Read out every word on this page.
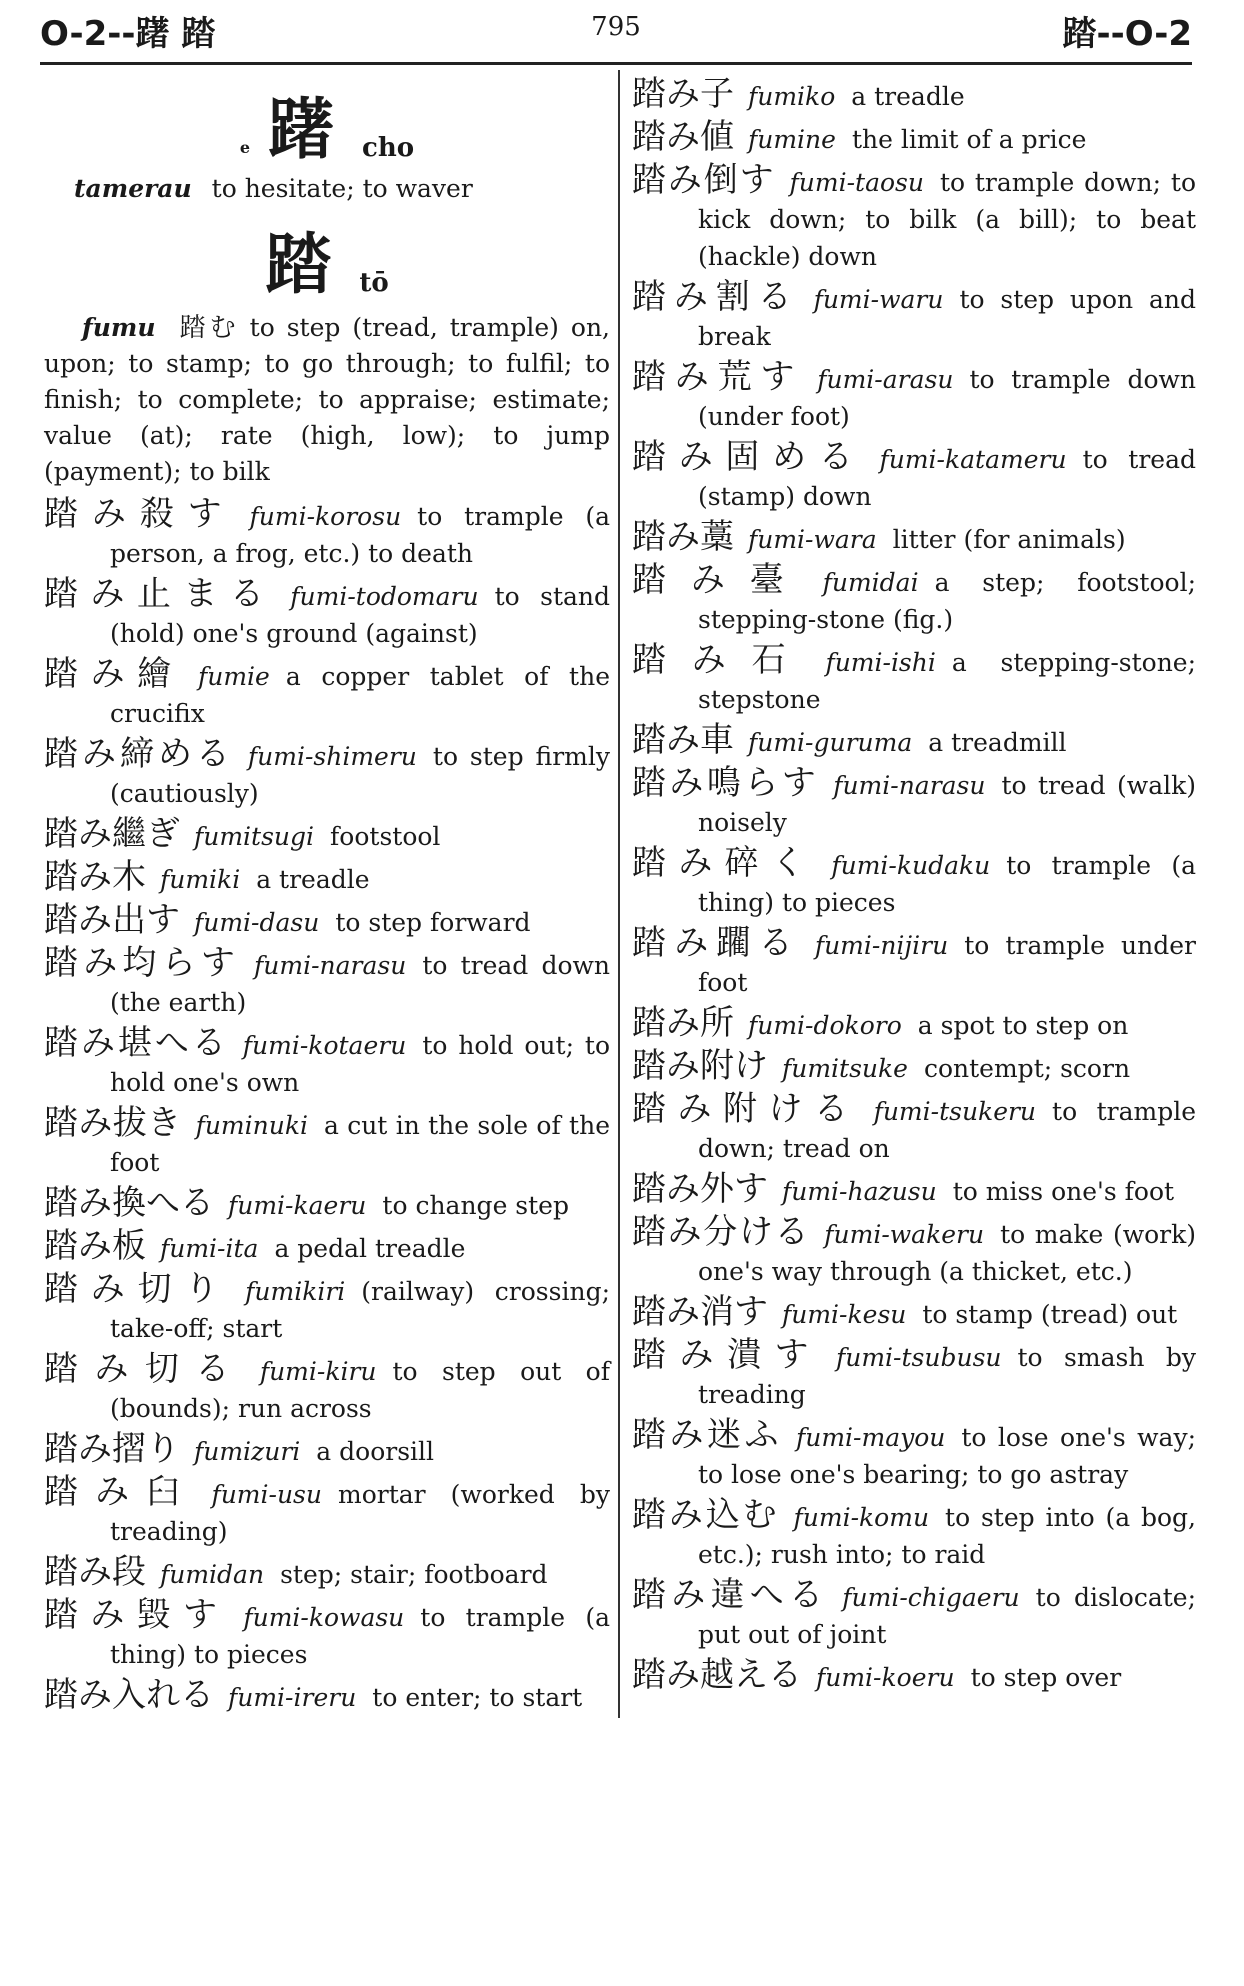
O-2--躇 踏	795	踏--O-2
e 躇 cho
tamerau to hesitate; to waver
踏 tō
fumu 踏む to step (tread, trample) on, upon; to stamp; to go through; to fulfil; to finish; to complete; to appraise; estimate; value (at); rate (high, low); to jump (payment); to bilk
踏み殺す fumi-korosu to trample (a person, a frog, etc.) to death
踏み止まる fumi-todomaru to stand (hold) one's ground (against)
踏み繪 fumie a copper tablet of the crucifix
踏み締める fumi-shimeru to step firmly (cautiously)
踏み繼ぎ fumitsugi footstool
踏み木 fumiki a treadle
踏み出す fumi-dasu to step forward
踏み均らす fumi-narasu to tread down (the earth)
踏み堪へる fumi-kotaeru to hold out; to hold one's own
踏み拔き fuminuki a cut in the sole of the foot
踏み換へる fumi-kaeru to change step
踏み板 fumi-ita a pedal treadle
踏み切り fumikiri (railway) crossing; take-off; start
踏み切る fumi-kiru to step out of (bounds); run across
踏み摺り fumizuri a doorsill
踏み臼 fumi-usu mortar (worked by treading)
踏み段 fumidan step; stair; footboard
踏み毀す fumi-kowasu to trample (a thing) to pieces
踏み入れる fumi-ireru to enter; to start
踏み子 fumiko a treadle
踏み値 fumine the limit of a price
踏み倒す fumi-taosu to trample down; to kick down; to bilk (a bill); to beat (hackle) down
踏み割る fumi-waru to step upon and break
踏み荒す fumi-arasu to trample down (under foot)
踏み固める fumi-katameru to tread (stamp) down
踏み藁 fumi-wara litter (for animals)
踏み臺 fumidai a step; footstool; stepping-stone (fig.)
踏み石 fumi-ishi a stepping-stone; stepstone
踏み車 fumi-guruma a treadmill
踏み鳴らす fumi-narasu to tread (walk) noisely
踏み碎く fumi-kudaku to trample (a thing) to pieces
踏み躙る fumi-nijiru to trample under foot
踏み所 fumi-dokoro a spot to step on
踏み附け fumitsuke contempt; scorn
踏み附ける fumi-tsukeru to trample down; tread on
踏み外す fumi-hazusu to miss one's foot
踏み分ける fumi-wakeru to make (work) one's way through (a thicket, etc.)
踏み消す fumi-kesu to stamp (tread) out
踏み潰す fumi-tsubusu to smash by treading
踏み迷ふ fumi-mayou to lose one's way; to lose one's bearing; to go astray
踏み込む fumi-komu to step into (a bog, etc.); rush into; to raid
踏み違へる fumi-chigaeru to dislocate; put out of joint
踏み越える fumi-koeru to step over
